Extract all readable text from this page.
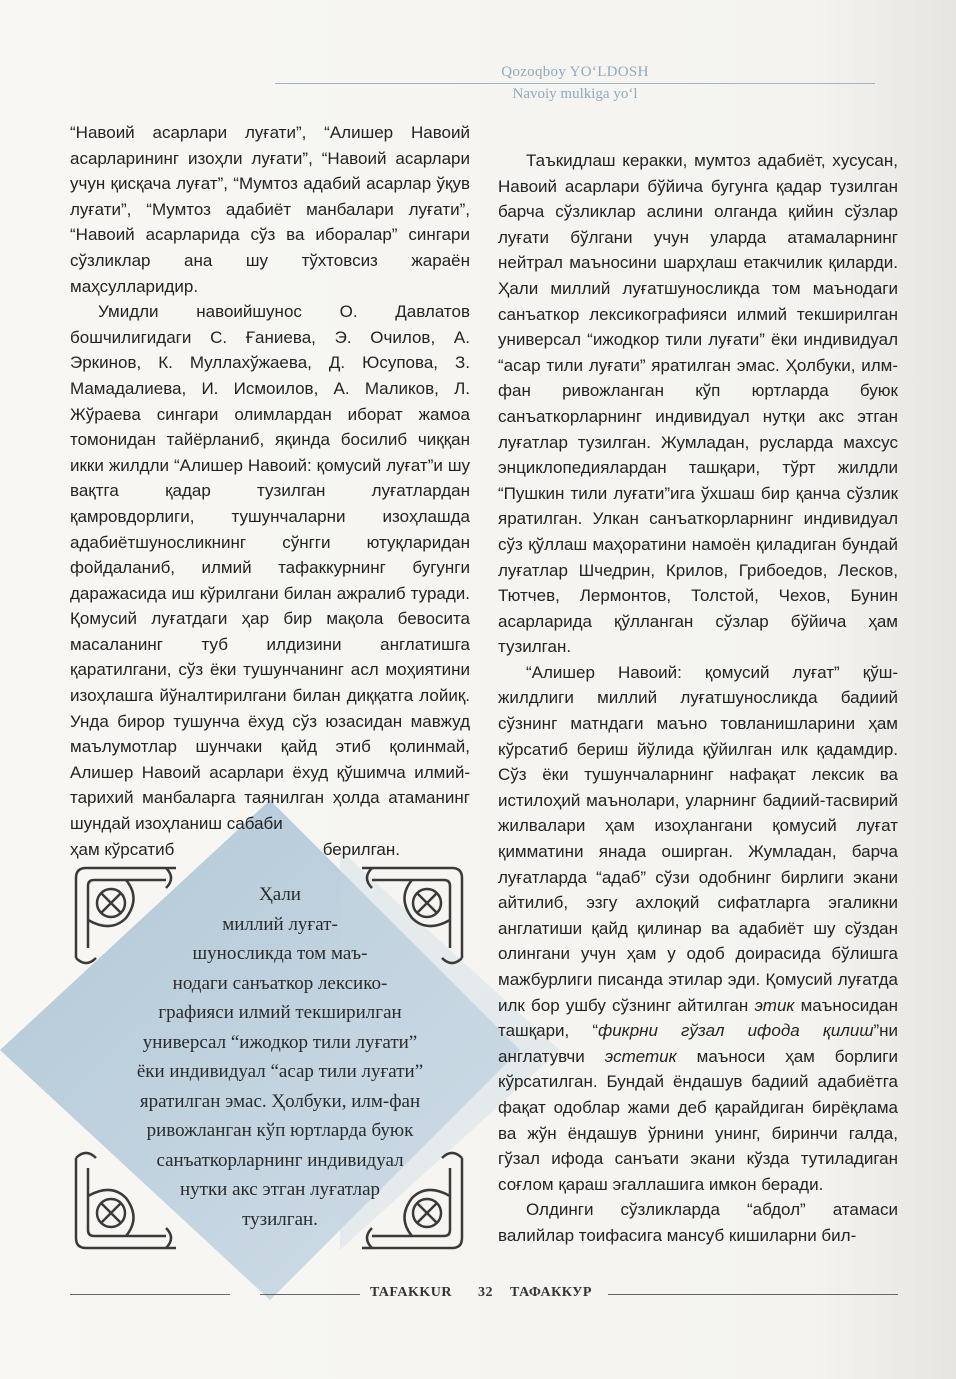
Qozoqboy YO‘LDOSH
Navoiy mulkiga yo‘l

“Навоий асарлари луғати”, “Алишер Навоий асарларининг изоҳли луғати”, “Навоий асарлари учун қисқача луғат”, “Мумтоз адабий асарлар ўқув луғати”, “Мумтоз адабиёт манбалари луғати”, “Навоий асарларида сўз ва иборалар” сингари сўзликлар ана шу тўхтовсиз жараён маҳсулларидир.

Умидли навоийшунос О. Давлатов бошчилигидаги С. Ғаниева, Э. Очилов, А. Эркинов, К. Муллахўжаева, Д. Юсупова, З. Мамадалиева, И. Исмоилов, А. Маликов, Л. Жўраева сингари олимлардан иборат жамоа томонидан тайёрланиб, яқинда босилиб чиққан икки жилдли “Алишер Навоий: қомусий луғат”и шу вақтга қадар тузилган луғатлардан қамровдорлиги, тушунчаларни изоҳлашда адабиётшуносликнинг сўнгги ютуқларидан фойдаланиб, илмий тафаккурнинг бугунги даражасида иш кўрилгани билан ажралиб туради. Қомусий луғатдаги ҳар бир мақола бевосита масаланинг туб илдизини англатишга қаратилгани, сўз ёки тушунчанинг асл моҳиятини изоҳлашга йўналтирилгани билан диққатга лойиқ. Унда бирор тушунча ёхуд сўз юзасидан мавжуд маълумотлар шунчаки қайд этиб қолинмай, Алишер Навоий асарлари ёхуд қўшимча илмий-тарихий манбаларга таянилган ҳолда атаманинг шундай изоҳланиш сабаби

ҳам кўрсатиб	берилган.

Таъкидлаш керакки, мумтоз адабиёт, хусусан, Навоий асарлари бўйича бугунга қадар тузилган барча сўзликлар аслини олганда қийин сўзлар луғати бўлгани учун уларда атамаларнинг нейтрал маъносини шарҳлаш етакчилик қиларди. Ҳали миллий луғатшуносликда том маънодаги санъаткор лексикографияси илмий текширилган универсал “ижодкор тили луғати” ёки индивидуал “асар тили луғати” яратилган эмас. Ҳолбуки, илм-фан ривожланган кўп юртларда буюк санъаткорларнинг индивидуал нутқи акс этган луғатлар тузилган. Жумладан, русларда махсус энциклопедиялардан ташқари, тўрт жилдли “Пушкин тили луғати”ига ўхшаш бир қанча сўзлик яратилган. Улкан санъаткорларнинг индивидуал сўз қўллаш маҳоратини намоён қиладиган бундай луғатлар Шчедрин, Крилов, Грибоедов, Лесков, Тютчев, Лермонтов, Толстой, Чехов, Бунин асарларида қўлланган сўзлар бўйича ҳам тузилган.

“Алишер Навоий: қомусий луғат” қўш-жилдлиги миллий луғатшуносликда бадиий сўзнинг матндаги маъно товланишларини ҳам кўрсатиб бериш йўлида қўйилган илк қадамдир. Сўз ёки тушунчаларнинг нафақат лексик ва истилоҳий маънолари, уларнинг бадиий-тасвирий жилвалари ҳам изоҳлангани қомусий луғат қимматини янада оширган. Жумладан, барча луғатларда “адаб” сўзи одобнинг бирлиги экани айтилиб, эзгу ахлоқий сифатларга эгаликни англатиши қайд қилинар ва адабиёт шу сўздан олингани учун ҳам у одоб доирасида бўлишга мажбурлиги писанда этилар эди. Қомусий луғатда илк бор ушбу сўзнинг айтилган этик маъносидан ташқари, “фикрни гўзал ифода қилиш”ни англатувчи эстетик маъноси ҳам борлиги кўрсатилган. Бундай ёндашув бадиий адабиётга фақат одоблар жами деб қарайдиган бирёқлама ва жўн ёндашув ўрнини унинг, биринчи галда, гўзал ифода санъати экани кўзда тутиладиган соғлом қараш эгаллашига имкон беради.

Олдинги сўзликларда “абдол” атамаси валийлар тоифасига мансуб кишиларни бил-

Ҳали
миллий луғат-
шуносликда том маъ-
нодаги санъаткор лексико-
графияси илмий текширилган
универсал “ижодкор тили луғати”
ёки индивидуал “асар тили луғати”
яратилган эмас. Ҳолбуки, илм-фан
ривожланган кўп юртларда буюк
санъаткорларнинг индивидуал
нутки акс этган луғатлар
тузилган.
TAFAKKUR 32 ТАФАККУР
